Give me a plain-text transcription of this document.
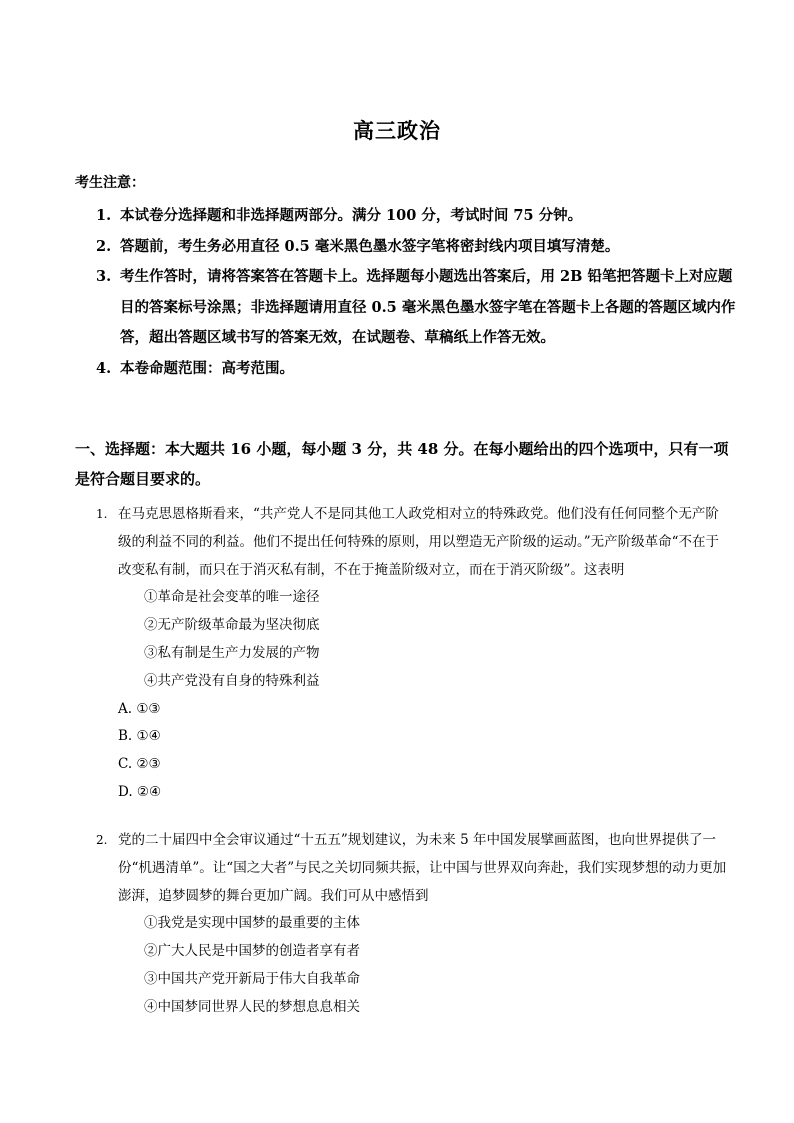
高三政治
考生注意：
1. 本试卷分选择题和非选择题两部分。满分 100 分，考试时间 75 分钟。
2. 答题前，考生务必用直径 0.5 毫米黑色墨水签字笔将密封线内项目填写清楚。
3. 考生作答时，请将答案答在答题卡上。选择题每小题选出答案后，用 2B 铅笔把答题卡上对应题目的答案标号涂黑；非选择题请用直径 0.5 毫米黑色墨水签字笔在答题卡上各题的答题区域内作答，超出答题区域书写的答案无效，在试题卷、草稿纸上作答无效。
4. 本卷命题范围：高考范围。
一、选择题：本大题共 16 小题，每小题 3 分，共 48 分。在每小题给出的四个选项中，只有一项是符合题目要求的。
1. 在马克思恩格斯看来，“共产党人不是同其他工人政党相对立的特殊政党。他们没有任何同整个无产阶级的利益不同的利益。他们不提出任何特殊的原则，用以塑造无产阶级的运动。”无产阶级革命“不在于改变私有制，而只在于消灭私有制，不在于掩盖阶级对立，而在于消灭阶级”。这表明
①革命是社会变革的唯一途径
②无产阶级革命最为坚决彻底
③私有制是生产力发展的产物
④共产党没有自身的特殊利益
A. ①③
B. ①④
C. ②③
D. ②④
2. 党的二十届四中全会审议通过“十五五”规划建议，为未来 5 年中国发展擘画蓝图，也向世界提供了一份“机遇清单”。让“国之大者”与民之关切同频共振，让中国与世界双向奔赴，我们实现梦想的动力更加澎湃，追梦圆梦的舞台更加广阔。我们可从中感悟到
①我党是实现中国梦的最重要的主体
②广大人民是中国梦的创造者享有者
③中国共产党开新局于伟大自我革命
④中国梦同世界人民的梦想息息相关
